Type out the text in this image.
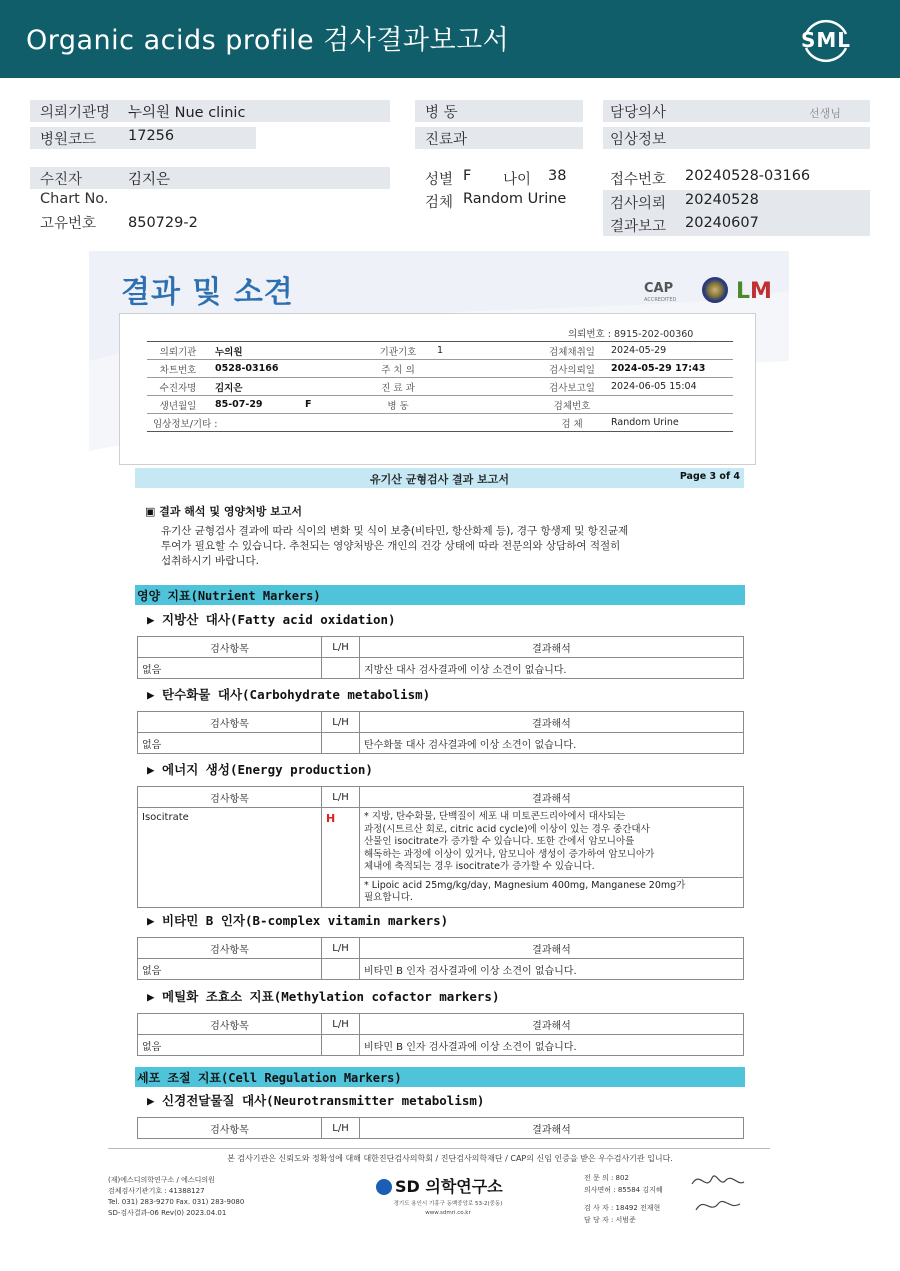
Organic acids profile 검사결과보고서	SML
의뢰기관명 누의원 Nue clinic
병원코드 17256
병 동
진료과
담당의사	선생님
임상정보
수진자	김지은
Chart No.
고유번호 850729-2
성별 F 나이 38
검체 Random Urine
접수번호 20240528-03166
검사의뢰 20240528
결과보고 20240607
결과 및 소견	CAP
ACCREDITED	LM
의뢰번호 : 8915-202-00360
의뢰기관	누의원		기관기호	1	검체채취일	2024-05-29
차트번호	0528-03166		주 치 의		검사의뢰일	2024-05-29 17:43
수진자명	김지은		진 료 과		검사보고일	2024-06-05 15:04
생년월일	85-07-29	F	병 동		검체번호	
임상정보/기타 :					검 체	Random Urine
유기산 균형검사 결과 보고서	Page 3 of 4
▣ 결과 해석 및 영양처방 보고서
유기산 균형검사 결과에 따라 식이의 변화 및 식이 보충(비타민, 항산화제 등), 경구 항생제 및 항진균제
투여가 필요할 수 있습니다. 추천되는 영양처방은 개인의 건강 상태에 따라 전문의와 상담하여 적절히
섭취하시기 바랍니다.
영양 지표(Nutrient Markers)
▶ 지방산 대사(Fatty acid oxidation)
검사항목	L/H	결과해석
없음		지방산 대사 검사결과에 이상 소견이 없습니다.
▶ 탄수화물 대사(Carbohydrate metabolism)
검사항목	L/H	결과해석
없음		탄수화물 대사 검사결과에 이상 소견이 없습니다.
▶ 에너지 생성(Energy production)
검사항목	L/H	결과해석
Isocitrate	H	* 지방, 탄수화물, 단백질이 세포 내 미토콘드리아에서 대사되는
과정(시트르산 회로, citric acid cycle)에 이상이 있는 경우 중간대사
산물인 isocitrate가 증가할 수 있습니다. 또한 간에서 암모니아를
해독하는 과정에 이상이 있거나, 암모니아 생성이 증가하여 암모니아가
체내에 축적되는 경우 isocitrate가 증가할 수 있습니다.

		* Lipoic acid 25mg/kg/day, Magnesium 400mg, Manganese 20mg가
필요합니다.
▶ 비타민 B 인자(B-complex vitamin markers)
검사항목	L/H	결과해석
없음		비타민 B 인자 검사결과에 이상 소견이 없습니다.
▶ 메틸화 조효소 지표(Methylation cofactor markers)
검사항목	L/H	결과해석
없음		비타민 B 인자 검사결과에 이상 소견이 없습니다.
세포 조절 지표(Cell Regulation Markers)
▶ 신경전달물질 대사(Neurotransmitter metabolism)
검사항목	L/H	결과해석
본 검사기관은 신뢰도와 정확성에 대해 대한진단검사의학회 / 진단검사의학재단 / CAP의 신임 인증을 받은 우수검사기관 입니다.
(재)에스디의학연구소 / 에스디의원
검체검사기관기호 : 41388127
Tel. 031) 283-9270 Fax. 031) 283-9080
SD-검사결과-06 Rev(0) 2023.04.01
SD 의학연구소
경기도 용인시 기흥구 동백중앙로 53-2(중동)
www.sdmri.co.kr
전 문 의 : 802
의사면허 : 85584 김지혜
검 사 자 : 18492 전재현
담 당 자 : 서범준
